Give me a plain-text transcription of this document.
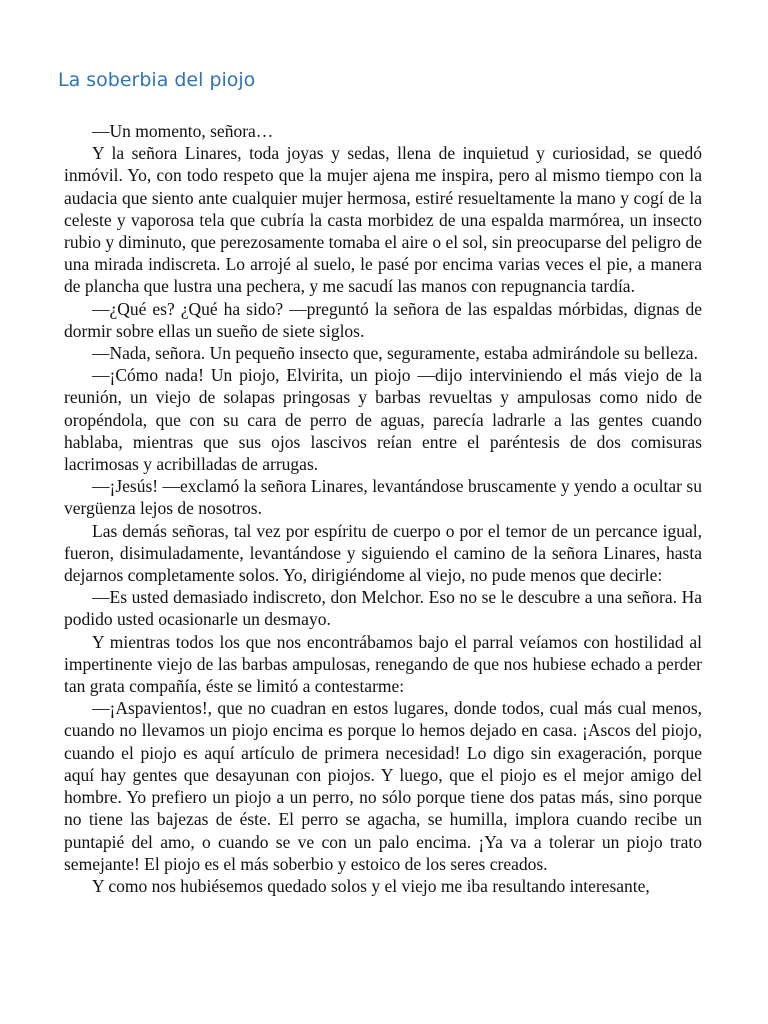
La soberbia del piojo

—Un momento, señora…

Y la señora Linares, toda joyas y sedas, llena de inquietud y curiosidad, se quedó inmóvil. Yo, con todo respeto que la mujer ajena me inspira, pero al mismo tiempo con la audacia que siento ante cualquier mujer hermosa, estiré resueltamente la mano y cogí de la celeste y vaporosa tela que cubría la casta morbidez de una espalda marmórea, un insecto rubio y diminuto, que perezosamente tomaba el aire o el sol, sin preocuparse del peligro de una mirada indiscreta. Lo arrojé al suelo, le pasé por encima varias veces el pie, a manera de plancha que lustra una pechera, y me sacudí las manos con repugnancia tardía.

—¿Qué es? ¿Qué ha sido? —preguntó la señora de las espaldas mórbidas, dignas de dormir sobre ellas un sueño de siete siglos.

—Nada, señora. Un pequeño insecto que, seguramente, estaba admirándole su belleza.

—¡Cómo nada! Un piojo, Elvirita, un piojo —dijo interviniendo el más viejo de la reunión, un viejo de solapas pringosas y barbas revueltas y ampulosas como nido de oropéndola, que con su cara de perro de aguas, parecía ladrarle a las gentes cuando hablaba, mientras que sus ojos lascivos reían entre el paréntesis de dos comisuras lacrimosas y acribilladas de arrugas.

—¡Jesús! —exclamó la señora Linares, levantándose bruscamente y yendo a ocultar su vergüenza lejos de nosotros.

Las demás señoras, tal vez por espíritu de cuerpo o por el temor de un percance igual, fueron, disimuladamente, levantándose y siguiendo el camino de la señora Linares, hasta dejarnos completamente solos. Yo, dirigiéndome al viejo, no pude menos que decirle:

—Es usted demasiado indiscreto, don Melchor. Eso no se le descubre a una señora. Ha podido usted ocasionarle un desmayo.

Y mientras todos los que nos encontrábamos bajo el parral veíamos con hostilidad al impertinente viejo de las barbas ampulosas, renegando de que nos hubiese echado a perder tan grata compañía, éste se limitó a contestarme:

—¡Aspavientos!, que no cuadran en estos lugares, donde todos, cual más cual menos, cuando no llevamos un piojo encima es porque lo hemos dejado en casa. ¡Ascos del piojo, cuando el piojo es aquí artículo de primera necesidad! Lo digo sin exageración, porque aquí hay gentes que desayunan con piojos. Y luego, que el piojo es el mejor amigo del hombre. Yo prefiero un piojo a un perro, no sólo porque tiene dos patas más, sino porque no tiene las bajezas de éste. El perro se agacha, se humilla, implora cuando recibe un puntapié del amo, o cuando se ve con un palo encima. ¡Ya va a tolerar un piojo trato semejante! El piojo es el más soberbio y estoico de los seres creados.

Y como nos hubiésemos quedado solos y el viejo me iba resultando interesante,
